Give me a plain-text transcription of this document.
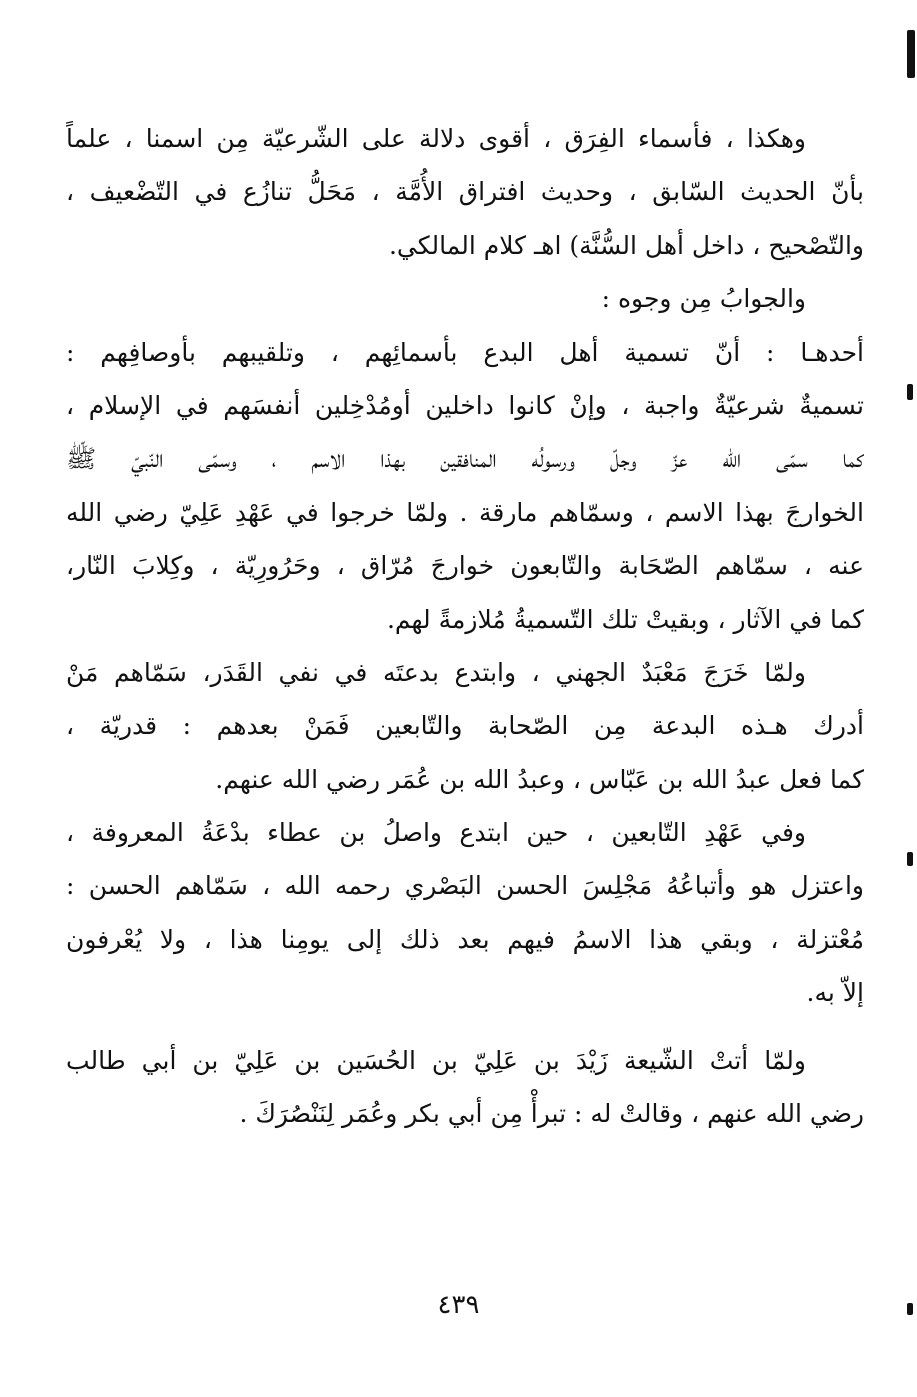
وهكذا ، فأسماء الفِرَق ، أقوى دلالة على الشّرعيّة مِن اسمنا ، علماً
بأنّ الحديث السّابق ، وحديث افتراق الأُمَّة ، مَحَلُّ تنازُع في التّضْعيف ،
والتّصْحيح ، داخل أهل السُّنَّة) اهـ كلام المالكي.
والجوابُ مِن وجوه :
أحدهـا : أنّ تسمية أهل البدع بأسمائِهم ، وتلقيبهم بأوصافِهم :
تسميةٌ شرعيّةٌ واجبة ، وإنْ كانوا داخلين أومُدْخِلين أنفسَهم في الإسلام ،
كما سمّى الله عزّ وجلّ ورسولُه المنافقين بهذا الاسم ، وسمّى النّبيّ ﷺ
الخوارجَ بهذا الاسم ، وسمّاهم مارقة . ولمّا خرجوا في عَهْدِ عَلِيّ رضي الله
عنه ، سمّاهم الصّحَابة والتّابعون خوارجَ مُرّاق ، وحَرُورِيّة ، وكِلابَ النّار،
كما في الآثار ، وبقيتْ تلك التّسميةُ مُلازمةً لهم.
ولمّا خَرَجَ مَعْبَدٌ الجهني ، وابتدع بدعتَه في نفي القَدَر، سَمّاهم مَنْ
أدرك هـذه البدعة مِن الصّحابة والتّابعين فَمَنْ بعدهم : قدريّة ،
كما فعل عبدُ الله بن عَبّاس ، وعبدُ الله بن عُمَر رضي الله عنهم.
وفي عَهْدِ التّابعين ، حين ابتدع واصلُ بن عطاء بدْعَةُ المعروفة ،
واعتزل هو وأتباعُهُ مَجْلِسَ الحسن البَصْري رحمه الله ، سَمّاهم الحسن :
مُعْتزلة ، وبقي هذا الاسمُ فيهم بعد ذلك إلى يومِنا هذا ، ولا يُعْرفون
إلاّ به.
ولمّا أتتْ الشّيعة زَيْدَ بن عَلِيّ بن الحُسَين بن عَلِيّ بن أبي طالب
رضي الله عنهم ، وقالتْ له : تبرأْ مِن أبي بكر وعُمَر لِنَنْصُرَكَ .
٤٣٩
